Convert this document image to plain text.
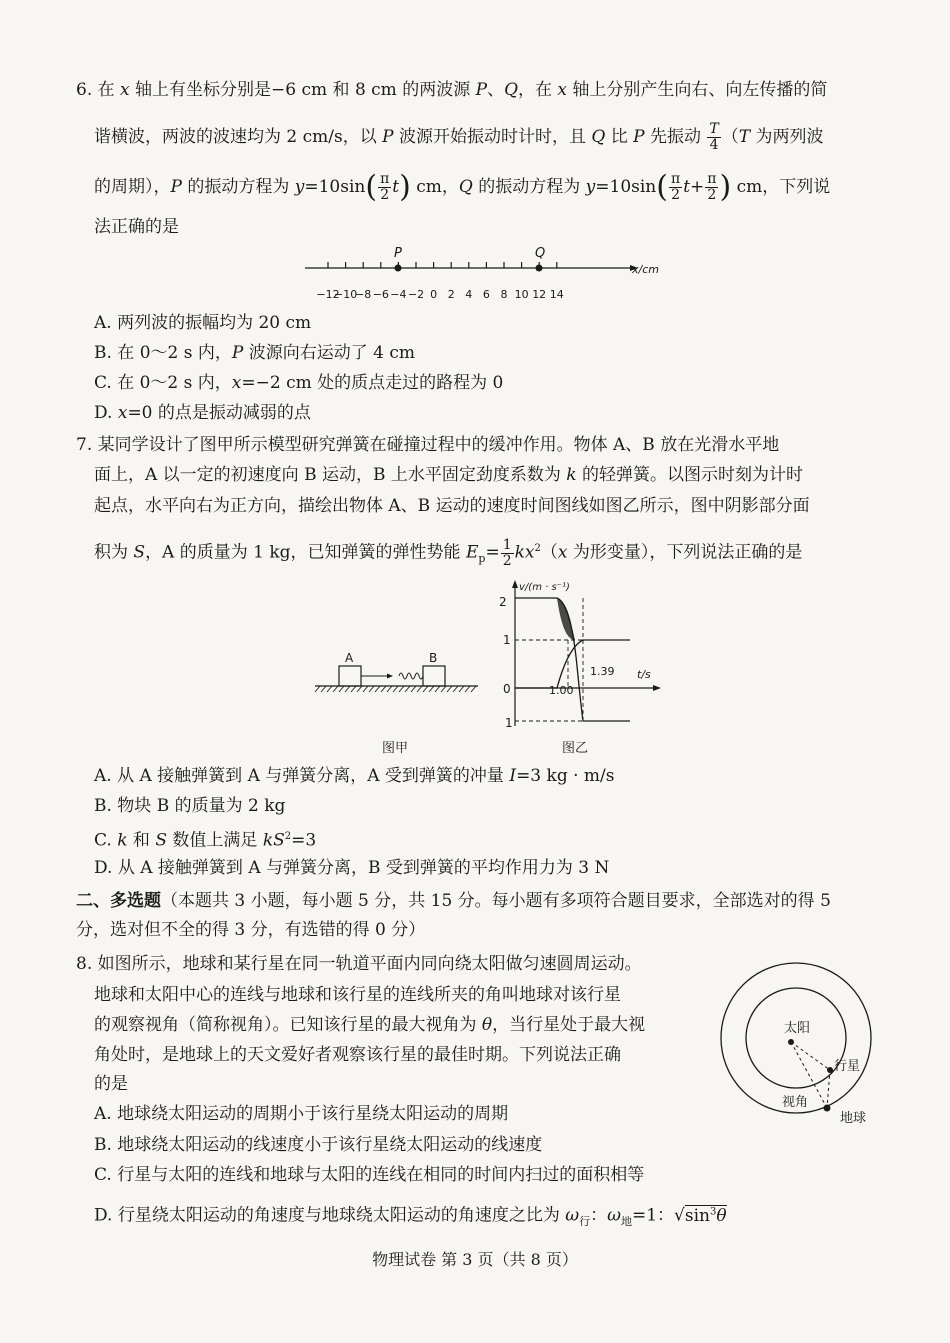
6. 在 x 轴上有坐标分别是−6 cm 和 8 cm 的两波源 P、Q，在 x 轴上分别产生向右、向左传播的简
谐横波，两波的波速均为 2 cm/s，以 P 波源开始振动时计时，且 Q 比 P 先振动 $\frac{T}{4} (T$ 为两列波
的周期），P 的振动方程为 $y=10\sin( \frac{\pi}{2} t)$ cm，Q 的振动方程为 $y=10\sin( \frac{\pi}{2} t+ \frac{\pi}{2}$ ) cm，下列说
法正确的是
−12
−10
−8 −6 −4 −2 0 2 4 6 8 10 12 14
P	Q
x/cm
A. 两列波的振幅均为 20 cm
B. 在 0～2 s 内，P 波源向右运动了 4 cm
C. 在 0～2 s 内，x=−2 cm 处的质点走过的路程为 0
D. x=0 的点是振动减弱的点
7. 某同学设计了图甲所示模型研究弹簧在碰撞过程中的缓冲作用。物体 A、B 放在光滑水平地
面上，A 以一定的初速度向 B 运动，B 上水平固定劲度系数为 k 的轻弹簧。以图示时刻为计时
起点，水平向右为正方向，描绘出物体 A、B 运动的速度时间图线如图乙所示，图中阴影部分面
积为 S，A 的质量为 1 kg，已知弹簧的弹性势能 $E_p= \frac{1}{2} kx^2(x$ 为形变量），下列说法正确的是
A	B
图甲
2
1
0
1
v/(m · s⁻¹)
t/s
1.00
1.39
图乙
A. 从 A 接触弹簧到 A 与弹簧分离，A 受到弹簧的冲量 I=3 kg · m/s
B. 物块 B 的质量为 2 kg
C. k 和 S 数值上满足 $kS^2=3$
D. 从 A 接触弹簧到 A 与弹簧分离，B 受到弹簧的平均作用力为 3 N
二、多选题（本题共 3 小题，每小题 5 分，共 15 分。每小题有多项符合题目要求，全部选对的得 5
分，选对但不全的得 3 分，有选错的得 0 分）
8. 如图所示，地球和某行星在同一轨道平面内同向绕太阳做匀速圆周运动。
地球和太阳中心的连线与地球和该行星的连线所夹的角叫地球对该行星
的观察视角（简称视角）。已知该行星的最大视角为 θ，当行星处于最大视
角处时，是地球上的天文爱好者观察该行星的最佳时期。下列说法正确
的是
A. 地球绕太阳运动的周期小于该行星绕太阳运动的周期
B. 地球绕太阳运动的线速度小于该行星绕太阳运动的线速度
C. 行星与太阳的连线和地球与太阳的连线在相同的时间内扫过的面积相等
D. 行星绕太阳运动的角速度与地球绕太阳运动的角速度之比为 $\omega_行$：$\omega_地=1$：$√\sin^3\theta$
太阳
行星
视角
地球
物理试卷 第 3 页（共 8 页）
